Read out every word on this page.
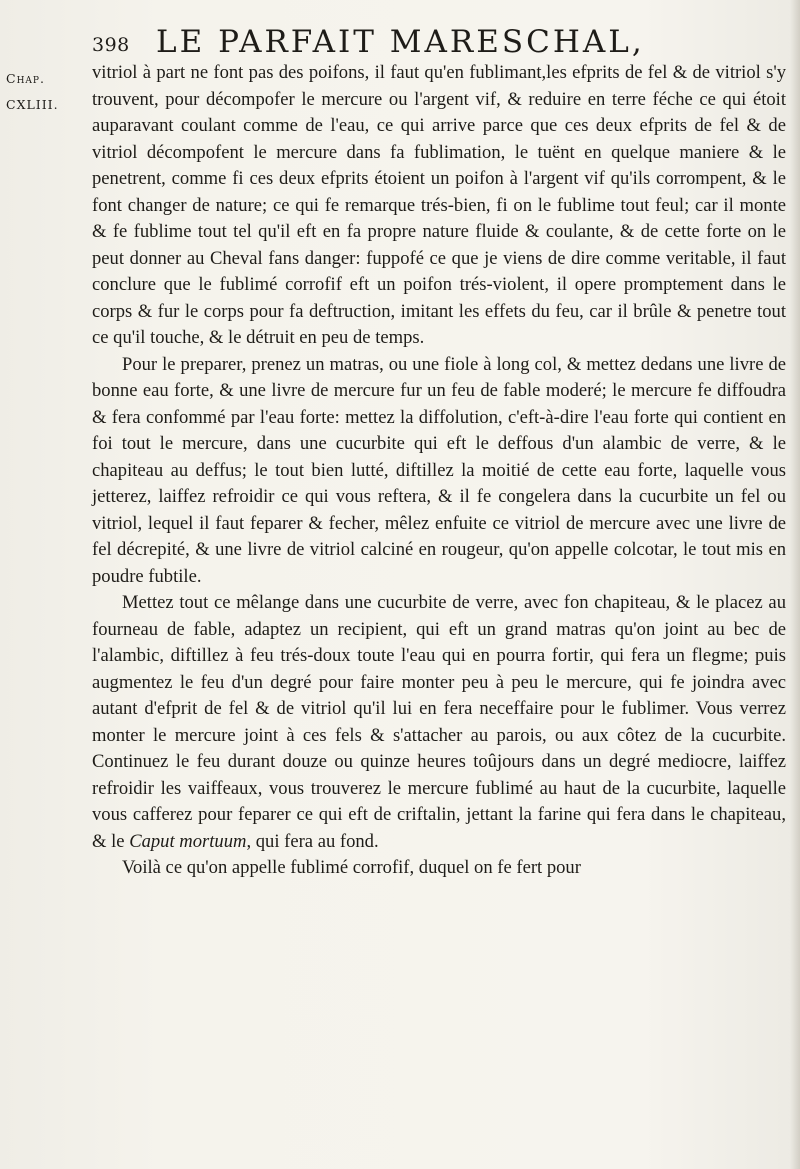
398 LE PARFAIT MARESCHAL,
Chap.
CXLIII.

vitriol à part ne font pas des poifons, il faut qu'en fublimant,les efprits de fel & de vitriol s'y trouvent, pour décompofer le mercure ou l'argent vif, & reduire en terre féche ce qui étoit auparavant coulant comme de l'eau, ce qui arrive parce que ces deux efprits de fel & de vitriol décompofent le mercure dans fa fublimation, le tuënt en quelque maniere & le penetrent, comme fi ces deux efprits étoient un poifon à l'argent vif qu'ils corrompent, & le font changer de nature; ce qui fe remarque trés-bien, fi on le fublime tout feul; car il monte & fe fublime tout tel qu'il eft en fa propre nature fluide & coulante, & de cette forte on le peut donner au Cheval fans danger: fuppofé ce que je viens de dire comme veritable, il faut conclure que le fublimé corrofif eft un poifon trés-violent, il opere promptement dans le corps & fur le corps pour fa deftruction, imitant les effets du feu, car il brûle & penetre tout ce qu'il touche, & le détruit en peu de temps.

Pour le preparer, prenez un matras, ou une fiole à long col, & mettez dedans une livre de bonne eau forte, & une livre de mercure fur un feu de fable moderé; le mercure fe diffoudra & fera confommé par l'eau forte: mettez la diffolution, c'eft-à-dire l'eau forte qui contient en foi tout le mercure, dans une cucurbite qui eft le deffous d'un alambic de verre, & le chapiteau au deffus; le tout bien lutté, diftillez la moitié de cette eau forte, laquelle vous jetterez, laiffez refroidir ce qui vous reftera, & il fe congelera dans la cucurbite un fel ou vitriol, lequel il faut feparer & fecher, mêlez enfuite ce vitriol de mercure avec une livre de fel décrepité, & une livre de vitriol calciné en rougeur, qu'on appelle colcotar, le tout mis en poudre fubtile.

Mettez tout ce mêlange dans une cucurbite de verre, avec fon chapiteau, & le placez au fourneau de fable, adaptez un recipient, qui eft un grand matras qu'on joint au bec de l'alambic, diftillez à feu trés-doux toute l'eau qui en pourra fortir, qui fera un flegme; puis augmentez le feu d'un degré pour faire monter peu à peu le mercure, qui fe joindra avec autant d'efprit de fel & de vitriol qu'il lui en fera neceffaire pour le fublimer. Vous verrez monter le mercure joint à ces fels & s'attacher au parois, ou aux côtez de la cucurbite. Continuez le feu durant douze ou quinze heures toûjours dans un degré mediocre, laiffez refroidir les vaiffeaux, vous trouverez le mercure fublimé au haut de la cucurbite, laquelle vous cafferez pour feparer ce qui eft de criftalin, jettant la farine qui fera dans le chapiteau, & le Caput mortuum, qui fera au fond.

Voilà ce qu'on appelle fublimé corrofif, duquel on fe fert pour
